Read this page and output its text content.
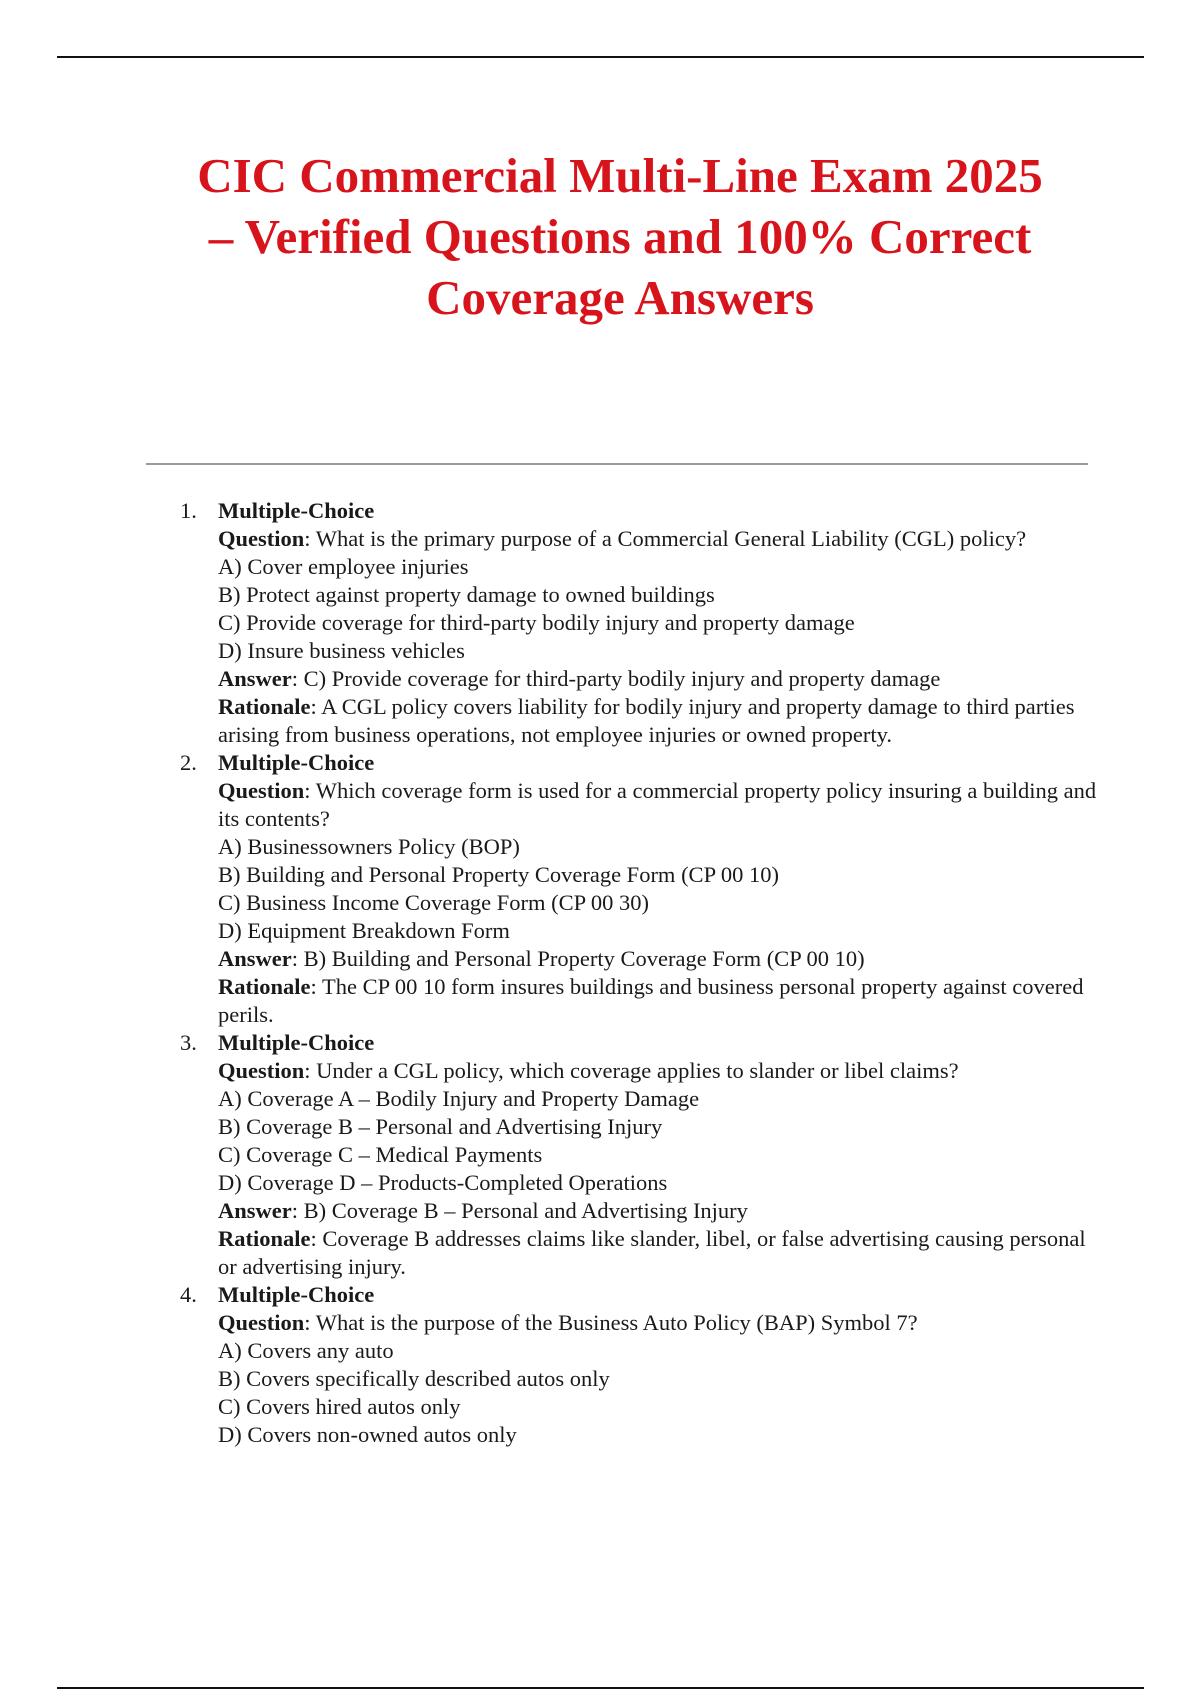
CIC Commercial Multi-Line Exam 2025
– Verified Questions and 100% Correct
Coverage Answers
1. Multiple-Choice
Question: What is the primary purpose of a Commercial General Liability (CGL) policy?
A) Cover employee injuries
B) Protect against property damage to owned buildings
C) Provide coverage for third-party bodily injury and property damage
D) Insure business vehicles
Answer: C) Provide coverage for third-party bodily injury and property damage
Rationale: A CGL policy covers liability for bodily injury and property damage to third parties arising from business operations, not employee injuries or owned property.
2. Multiple-Choice
Question: Which coverage form is used for a commercial property policy insuring a building and its contents?
A) Businessowners Policy (BOP)
B) Building and Personal Property Coverage Form (CP 00 10)
C) Business Income Coverage Form (CP 00 30)
D) Equipment Breakdown Form
Answer: B) Building and Personal Property Coverage Form (CP 00 10)
Rationale: The CP 00 10 form insures buildings and business personal property against covered perils.
3. Multiple-Choice
Question: Under a CGL policy, which coverage applies to slander or libel claims?
A) Coverage A – Bodily Injury and Property Damage
B) Coverage B – Personal and Advertising Injury
C) Coverage C – Medical Payments
D) Coverage D – Products-Completed Operations
Answer: B) Coverage B – Personal and Advertising Injury
Rationale: Coverage B addresses claims like slander, libel, or false advertising causing personal or advertising injury.
4. Multiple-Choice
Question: What is the purpose of the Business Auto Policy (BAP) Symbol 7?
A) Covers any auto
B) Covers specifically described autos only
C) Covers hired autos only
D) Covers non-owned autos only
